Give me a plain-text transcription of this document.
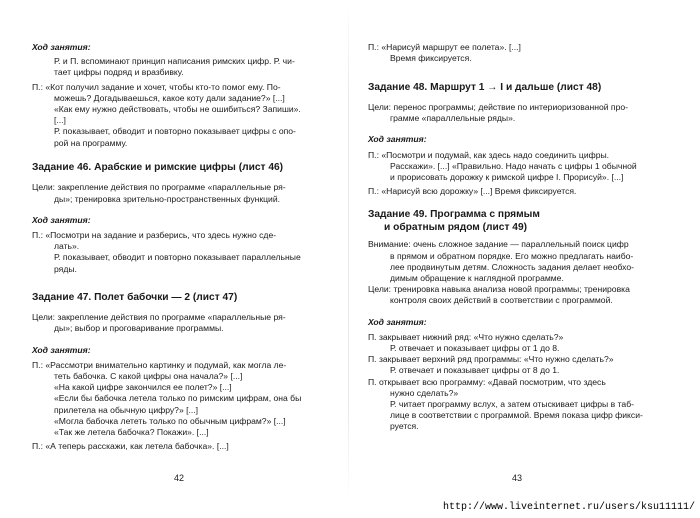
Ход занятия:

Р. и П. вспоминают принцип написания римских цифр. Р. чи-

тает цифры подряд и вразбивку.

П.: «Кот получил задание и хочет, чтобы кто-то помог ему. По-

можешь? Догадываешься, какое коту дали задание?» [...]

«Как ему нужно действовать, чтобы не ошибиться? Запиши».

[...]

Р. показывает, обводит и повторно показывает цифры с опо-

рой на программу.

Задание 46. Арабские и римские цифры (лист 46)

Цели: закрепление действия по программе «параллельные ря-

ды»; тренировка зрительно-пространственных функций.

Ход занятия:

П.: «Посмотри на задание и разберись, что здесь нужно сде-

лать».

Р. показывает, обводит и повторно показывает параллельные

ряды.

Задание 47. Полет бабочки — 2 (лист 47)

Цели: закрепление действия по программе «параллельные ря-

ды»; выбор и проговаривание программы.

Ход занятия:

П.: «Рассмотри внимательно картинку и подумай, как могла ле-

теть бабочка. С какой цифры она начала?» [...]

«На какой цифре закончился ее полет?» [...]

«Если бы бабочка летела только по римским цифрам, она бы

прилетела на обычную цифру?» [...]

«Могла бабочка лететь только по обычным цифрам?» [...]

«Так же летела бабочка? Покажи». [...]

П.: «А теперь расскажи, как летела бабочка». [...]

42

П.: «Нарисуй маршрут ее полета». [...]

Время фиксируется.

Задание 48. Маршрут 1 → I и дальше (лист 48)

Цели: перенос программы; действие по интериоризованной про-

грамме «параллельные ряды».

Ход занятия:

П.: «Посмотри и подумай, как здесь надо соединить цифры.

Расскажи». [...] «Правильно. Надо начать с цифры 1 обычной

и прорисовать дорожку к римской цифре I. Прорисуй». [...]

П.: «Нарисуй всю дорожку» [...] Время фиксируется.

Задание 49. Программа с прямым

и обратным рядом (лист 49)

Внимание: очень сложное задание — параллельный поиск цифр

в прямом и обратном порядке. Его можно предлагать наибо-

лее продвинутым детям. Сложность задания делает необхо-

димым обращение к наглядной программе.

Цели: тренировка навыка анализа новой программы; тренировка

контроля своих действий в соответствии с программой.

Ход занятия:

П. закрывает нижний ряд: «Что нужно сделать?»

Р. отвечает и показывает цифры от 1 до 8.

П. закрывает верхний ряд программы: «Что нужно сделать?»

Р. отвечает и показывает цифры от 8 до 1.

П. открывает всю программу: «Давай посмотрим, что здесь

нужно сделать?»

Р. читает программу вслух, а затем отыскивает цифры в таб-

лице в соответствии с программой. Время показа цифр фикси-

руется.

43
http://www.liveinternet.ru/users/ksu11111/
